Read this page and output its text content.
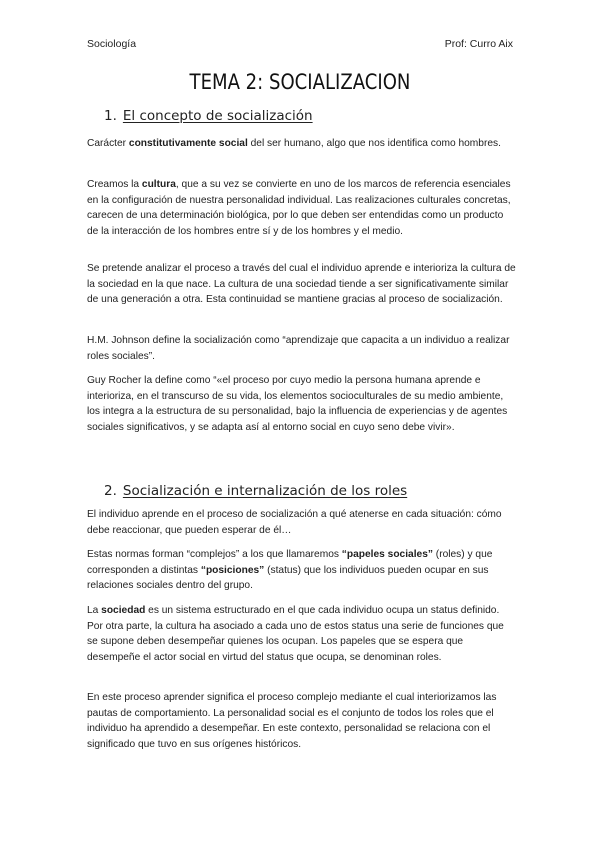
Sociología	Prof: Curro Aix
TEMA 2: SOCIALIZACION
1. El concepto de socialización

Carácter constitutivamente social del ser humano, algo que nos identifica como hombres.

Creamos la cultura, que a su vez se convierte en uno de los marcos de referencia esenciales en la configuración de nuestra personalidad individual. Las realizaciones culturales concretas, carecen de una determinación biológica, por lo que deben ser entendidas como un producto de la interacción de los hombres entre sí y de los hombres y el medio.

Se pretende analizar el proceso a través del cual el individuo aprende e interioriza la cultura de la sociedad en la que nace. La cultura de una sociedad tiende a ser significativamente similar de una generación a otra. Esta continuidad se mantiene gracias al proceso de socialización.

H.M. Johnson define la socialización como “aprendizaje que capacita a un individuo a realizar roles sociales”.

Guy Rocher la define como “«el proceso por cuyo medio la persona humana aprende e interioriza, en el transcurso de su vida, los elementos socioculturales de su medio ambiente, los integra a la estructura de su personalidad, bajo la influencia de experiencias y de agentes sociales significativos, y se adapta así al entorno social en cuyo seno debe vivir».

2. Socialización e internalización de los roles

El individuo aprende en el proceso de socialización a qué atenerse en cada situación: cómo debe reaccionar, que pueden esperar de él…

Estas normas forman “complejos” a los que llamaremos “papeles sociales” (roles) y que corresponden a distintas “posiciones” (status) que los individuos pueden ocupar en sus relaciones sociales dentro del grupo.

La sociedad es un sistema estructurado en el que cada individuo ocupa un status definido. Por otra parte, la cultura ha asociado a cada uno de estos status una serie de funciones que se supone deben desempeñar quienes los ocupan. Los papeles que se espera que desempeñe el actor social en virtud del status que ocupa, se denominan roles.

En este proceso aprender significa el proceso complejo mediante el cual interiorizamos las pautas de comportamiento. La personalidad social es el conjunto de todos los roles que el individuo ha aprendido a desempeñar. En este contexto, personalidad se relaciona con el significado que tuvo en sus orígenes históricos.
